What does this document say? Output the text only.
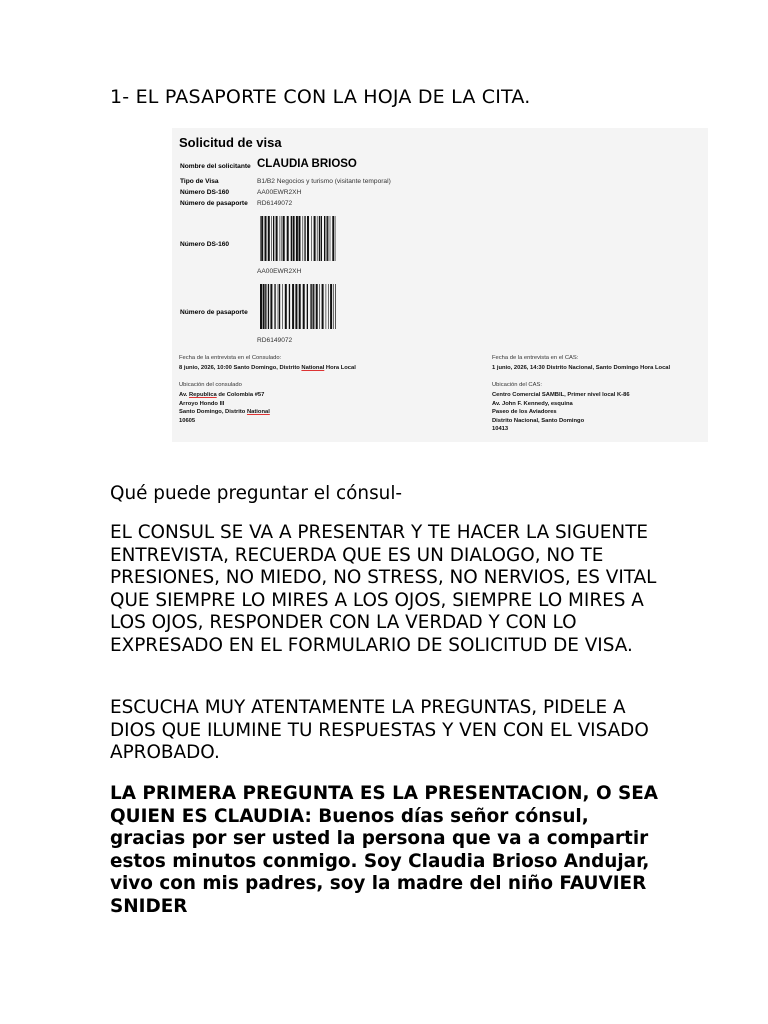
1- EL PASAPORTE CON LA HOJA DE LA CITA.

Solicitud de visa
Nombre del solicitante CLAUDIA BRIOSO
Tipo de Visa	B1/B2 Negocios y turismo (visitante temporal)
Número DS-160	AA00EWR2XH
Número de pasaporte RD6149072
Número DS-160
AA00EWR2XH
Número de pasaporte
RD6149072
Fecha de la entrevista en el Consulado:
8 junio, 2026, 10:00 Santo Domingo, Distrito National Hora Local
Fecha de la entrevista en el CAS:
1 junio, 2026, 14:30 Distrito Nacional, Santo Domingo Hora Local
Ubicación del consulado
Av. Republica de Colombia #57
Arroyo Hondo III
Santo Domingo, Distrito National
10605
Ubicación del CAS:
Centro Comercial SAMBIL, Primer nivel local K-86
Av. John F. Kennedy, esquina
Paseo de los Aviadores
Distrito Nacional, Santo Domingo
10413

Qué puede preguntar el cónsul-

EL CONSUL SE VA A PRESENTAR Y TE HACER LA SIGUENTE ENTREVISTA, RECUERDA QUE ES UN DIALOGO, NO TE PRESIONES, NO MIEDO, NO STRESS, NO NERVIOS, ES VITAL QUE SIEMPRE LO MIRES A LOS OJOS, SIEMPRE LO MIRES A LOS OJOS, RESPONDER CON LA VERDAD Y CON LO EXPRESADO EN EL FORMULARIO DE SOLICITUD DE VISA.

ESCUCHA MUY ATENTAMENTE LA PREGUNTAS, PIDELE A DIOS QUE ILUMINE TU RESPUESTAS Y VEN CON EL VISADO APROBADO.

LA PRIMERA PREGUNTA ES LA PRESENTACION, O SEA QUIEN ES CLAUDIA: Buenos días señor cónsul, gracias por ser usted la persona que va a compartir estos minutos conmigo. Soy Claudia Brioso Andujar, vivo con mis padres, soy la madre del niño FAUVIER SNIDER
